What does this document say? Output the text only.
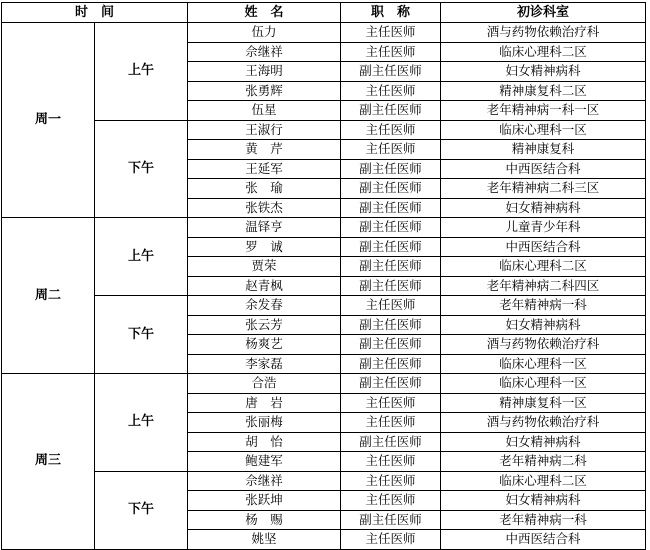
时　间		姓　名	职　称	初诊科室
周一	上午	伍力	主任医师	酒与药物依赖治疗科
		佘继祥	主任医师	临床心理科二区
		王海明	副主任医师	妇女精神病科
		张勇辉	主任医师	精神康复科二区
		伍星	副主任医师	老年精神病一科一区
	下午	王淑行	主任医师	临床心理科一区
		黄　芹	主任医师	精神康复科
		王延军	副主任医师	中西医结合科
		张　瑜	副主任医师	老年精神病二科三区
		张铁杰	副主任医师	妇女精神病科
周二	上午	温铎亨	副主任医师	儿童青少年科
		罗　诚	副主任医师	中西医结合科
		贾荣	副主任医师	临床心理科二区
		赵青枫	副主任医师	老年精神病二科四区
	下午	余发春	主任医师	老年精神病一科
		张云芳	副主任医师	妇女精神病科
		杨爽艺	副主任医师	酒与药物依赖治疗科
		李家磊	副主任医师	临床心理科一区
周三	上午	合浩	副主任医师	临床心理科一区
		唐　岩	主任医师	精神康复科一区
		张丽梅	主任医师	酒与药物依赖治疗科
		胡　怡	副主任医师	妇女精神病科
		鲍建军	主任医师	老年精神病二科
	下午	佘继祥	主任医师	临床心理科二区
		张跃坤	主任医师	妇女精神病科
		杨　赐	副主任医师	老年精神病一科
		姚坚	主任医师	中西医结合科
